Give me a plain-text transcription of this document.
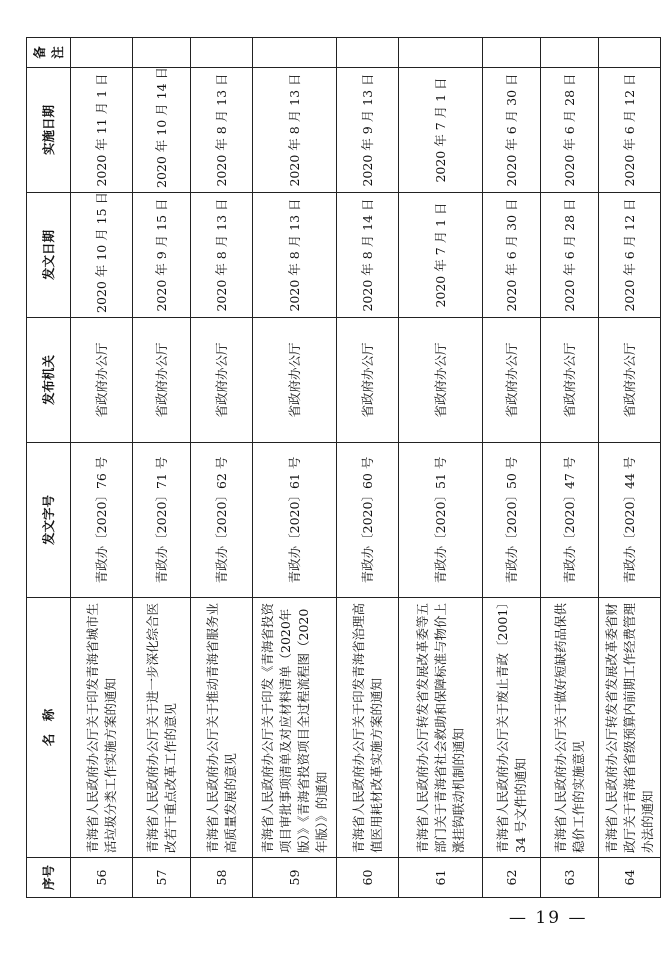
序号	名　称	发文字号	发布机关	发文日期	实施日期	备注
56	青海省人民政府办公厅关于印发青海省城市生活垃圾分类工作实施方案的通知	青政办〔2020〕76 号	省政府办公厅	2020 年 10 月 15 日	2020 年 11 月 1 日	
57	青海省人民政府办公厅关于进一步深化综合医改若干重点改革工作的意见	青政办〔2020〕71 号	省政府办公厅	2020 年 9 月 15 日	2020 年 10 月 14 日	
58	青海省人民政府办公厅关于推动青海省服务业高质量发展的意见	青政办〔2020〕62 号	省政府办公厅	2020 年 8 月 13 日	2020 年 8 月 13 日	
59	青海省人民政府办公厅关于印发《青海省投资项目审批事项清单及对应材料清单（2020年版）》《青海省投资项目全过程流程图（2020年版）》的通知	青政办〔2020〕61 号	省政府办公厅	2020 年 8 月 13 日	2020 年 8 月 13 日	
60	青海省人民政府办公厅关于印发青海省治理高值医用耗材改革实施方案的通知	青政办〔2020〕60 号	省政府办公厅	2020 年 8 月 14 日	2020 年 9 月 13 日	
61	青海省人民政府办公厅转发省发展改革委等五部门关于青海省社会救助和保障标准与物价上涨挂钩联动机制的通知	青政办〔2020〕51 号	省政府办公厅	2020 年 7 月 1 日	2020 年 7 月 1 日	
62	青海省人民政府办公厅关于废止青政〔2001〕34 号文件的通知	青政办〔2020〕50 号	省政府办公厅	2020 年 6 月 30 日	2020 年 6 月 30 日	
63	青海省人民政府办公厅关于做好短缺药品保供稳价工作的实施意见	青政办〔2020〕47 号	省政府办公厅	2020 年 6 月 28 日	2020 年 6 月 28 日	
64	青海省人民政府办公厅转发省发展改革委省财政厅关于青海省省级预算内前期工作经费管理办法的通知	青政办〔2020〕44 号	省政府办公厅	2020 年 6 月 12 日	2020 年 6 月 12 日	
— 19 —
